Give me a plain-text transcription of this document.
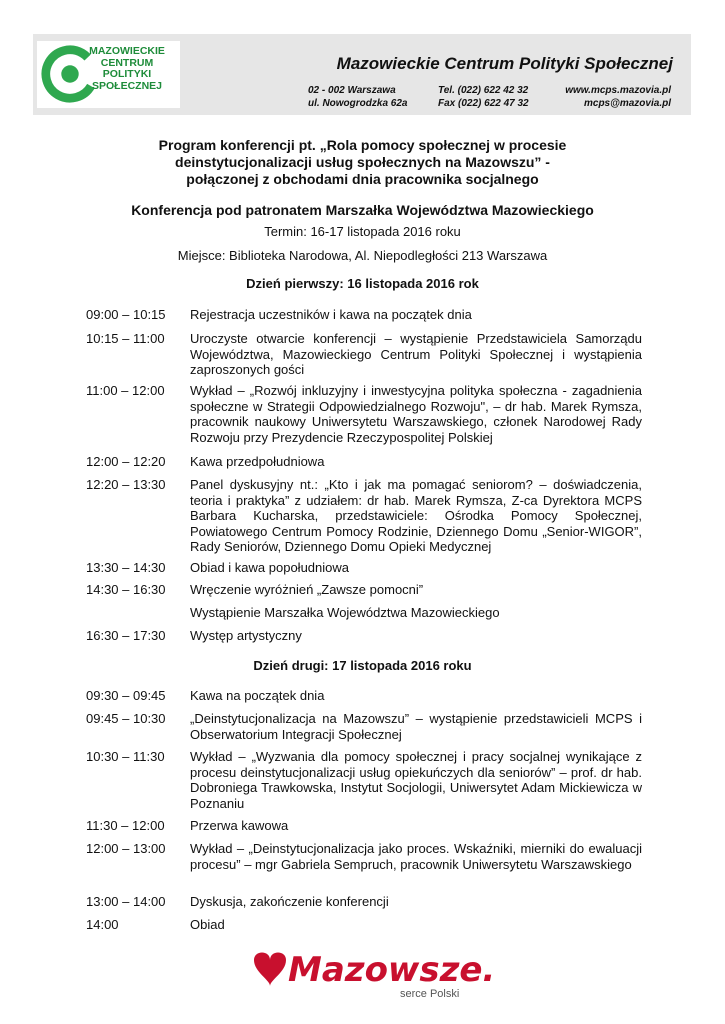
MAZOWIECKIE
CENTRUM
POLITYKI
SPOŁECZNEJ
Mazowieckie Centrum Polityki Społecznej
02 - 002 Warszawa
ul. Nowogrodzka 62a
Tel. (022) 622 42 32
Fax (022) 622 47 32
www.mcps.mazovia.pl
mcps@mazovia.pl
Program konferencji pt. „Rola pomocy społecznej w procesie
deinstytucjonalizacji usług społecznych na Mazowszu” -
połączonej z obchodami dnia pracownika socjalnego
Konferencja pod patronatem Marszałka Województwa Mazowieckiego
Termin: 16-17 listopada 2016 roku
Miejsce: Biblioteka Narodowa, Al. Niepodległości 213 Warszawa
Dzień pierwszy: 16 listopada 2016 rok
09:00 – 10:15	Rejestracja uczestników i kawa na początek dnia
10:15 – 11:00	Uroczyste otwarcie konferencji – wystąpienie Przedstawiciela Samorządu Województwa, Mazowieckiego Centrum Polityki Społecznej i wystąpienia zaproszonych gości
11:00 – 12:00	Wykład – „Rozwój inkluzyjny i inwestycyjna polityka społeczna - zagadnienia społeczne w Strategii Odpowiedzialnego Rozwoju", – dr hab. Marek Rymsza, pracownik naukowy Uniwersytetu Warszawskiego, członek Narodowej Rady Rozwoju przy Prezydencie Rzeczypospolitej Polskiej
12:00 – 12:20	Kawa przedpołudniowa
12:20 – 13:30	Panel dyskusyjny nt.: „Kto i jak ma pomagać seniorom? – doświadczenia, teoria i praktyka” z udziałem: dr hab. Marek Rymsza, Z-ca Dyrektora MCPS Barbara Kucharska, przedstawiciele: Ośrodka Pomocy Społecznej, Powiatowego Centrum Pomocy Rodzinie, Dziennego Domu „Senior-WIGOR”, Rady Seniorów, Dziennego Domu Opieki Medycznej
13:30 – 14:30	Obiad i kawa popołudniowa
14:30 – 16:30	Wręczenie wyróżnień „Zawsze pomocni”
Wystąpienie Marszałka Województwa Mazowieckiego
16:30 – 17:30	Występ artystyczny
Dzień drugi: 17 listopada 2016 roku
09:30 – 09:45	Kawa na początek dnia
09:45 – 10:30	„Deinstytucjonalizacja na Mazowszu” – wystąpienie przedstawicieli MCPS i Obserwatorium Integracji Społecznej
10:30 – 11:30	Wykład – „Wyzwania dla pomocy społecznej i pracy socjalnej wynikające z procesu deinstytucjonalizacji usług opiekuńczych dla seniorów” – prof. dr hab. Dobroniega Trawkowska, Instytut Socjologii, Uniwersytet Adam Mickiewicza w Poznaniu
11:30 – 12:00	Przerwa kawowa
12:00 – 13:00	Wykład – „Deinstytucjonalizacja jako proces. Wskaźniki, mierniki do ewaluacji procesu” – mgr Gabriela Sempruch, pracownik Uniwersytetu Warszawskiego
13:00 – 14:00	Dyskusja, zakończenie konferencji
14:00	Obiad
Mazowsze.
serce Polski
